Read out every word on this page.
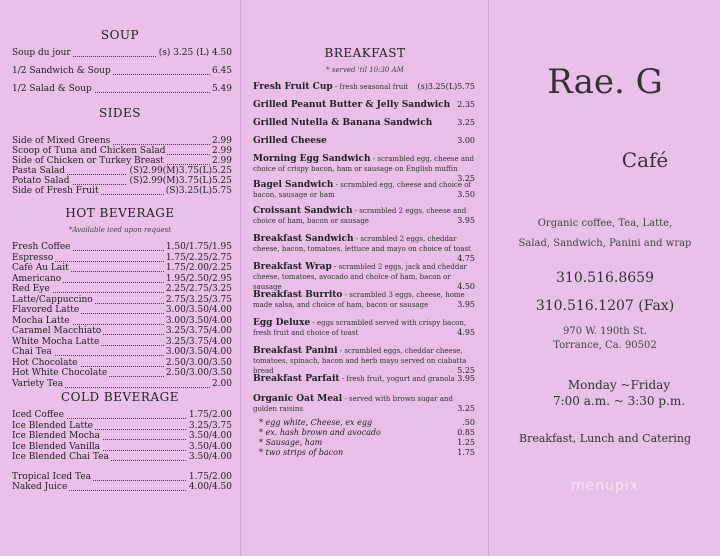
SOUP
Soup du jour	(s) 3.25 (L) 4.50
1/2 Sandwich & Soup	6.45
1/2 Salad & Soup	5.49
SIDES
Side of Mixed Greens	2.99
Scoop of Tuna and Chicken Salad	2.99
Side of Chicken or Turkey Breast	2.99
Pasta Salad	(S)2.99(M)3.75(L)5.25
Potato Salad	(S)2.99(M)3.75(L)5.25
Side of Fresh Fruit	(S)3.25(L)5.75
HOT BEVERAGE
*Available iced upon request
Fresh Coffee	1.50/1.75/1.95
Espresso	1.75/2.25/2.75
Café Au Lait	1.75/2.00/2.25
Americano	1.95/2.50/2.95
Red Eye	2.25/2.75/3.25
Latte/Cappuccino	2.75/3.25/3.75
Flavored Latte	3.00/3.50/4.00
Mocha Latte	3.00/3.50/4.00
Caramel Macchiato	3.25/3.75/4.00
White Mocha Latte	3.25/3.75/4.00
Chai Tea	3.00/3.50/4.00
Hot Chocolate	2.50/3.00/3.50
Hot White Chocolate	2.50/3.00/3.50
Variety Tea	2.00
COLD BEVERAGE
Iced Coffee	1.75/2.00
Ice Blended Latte	3.25/3.75
Ice Blended Mocha	3.50/4.00
Ice Blended Vanilla	3.50/4.00
Ice Blended Chai Tea	3.50/4.00
Tropical Iced Tea	1.75/2.00
Naked Juice	4.00/4.50
BREAKFAST
* served 'til 10:30 AM
Fresh Fruit Cup - fresh seasonal fruit (s)3.25(L)5.75
Grilled Peanut Butter & Jelly Sandwich 2.35
Grilled Nutella & Banana Sandwich	3.25
Grilled Cheese	3.00
Morning Egg Sandwich - scrambled egg, cheese and choice of crispy bacon, ham or sausage on English muffin
3.25
Bagel Sandwich - scrambled egg, cheese and choice of bacon, sausage or ham	3.50
Croissant Sandwich - scrambled 2 eggs, cheese and choice of ham, bacon or sausage	3.95
Breakfast Sandwich - scrambled 2 eggs, cheddar cheese, bacon, tomatoes, lettuce and mayo on choice of toast
4.75
Breakfast Wrap - scrambled 2 eggs, jack and cheddar cheese, tomatoes, avocado and choice of ham, bacon or sausage	4.50
Breakfast Burrito - scrambled 3 eggs, cheese, home made salsa, and choice of ham, bacon or sausage	3.95
Egg Deluxe - eggs scrambled served with crispy bacon, fresh fruit and choice of toast	4.95
Breakfast Panini - scrambled eggs, cheddar cheese, tomatoes, spinach, bacon and herb mayo served on ciabatta bread	5.25
Breakfast Parfait - fresh fruit, yogurt and granola 3.95
Organic Oat Meal - served with brown sugar and golden raisins	3.25
* egg white, Cheese, ex egg	.50
* ex. hash brown and avocado	0.85
* Sausage, ham	1.25
* two strips of bacon	1.75
Rae. G
Café
Organic coffee, Tea, Latte,
Salad, Sandwich, Panini and wrap
310.516.8659
310.516.1207 (Fax)
970 W. 190th St.
Torrance, Ca. 90502
Monday ~Friday
7:00 a.m. ~ 3:30 p.m.
Breakfast, Lunch and Catering
menupix
